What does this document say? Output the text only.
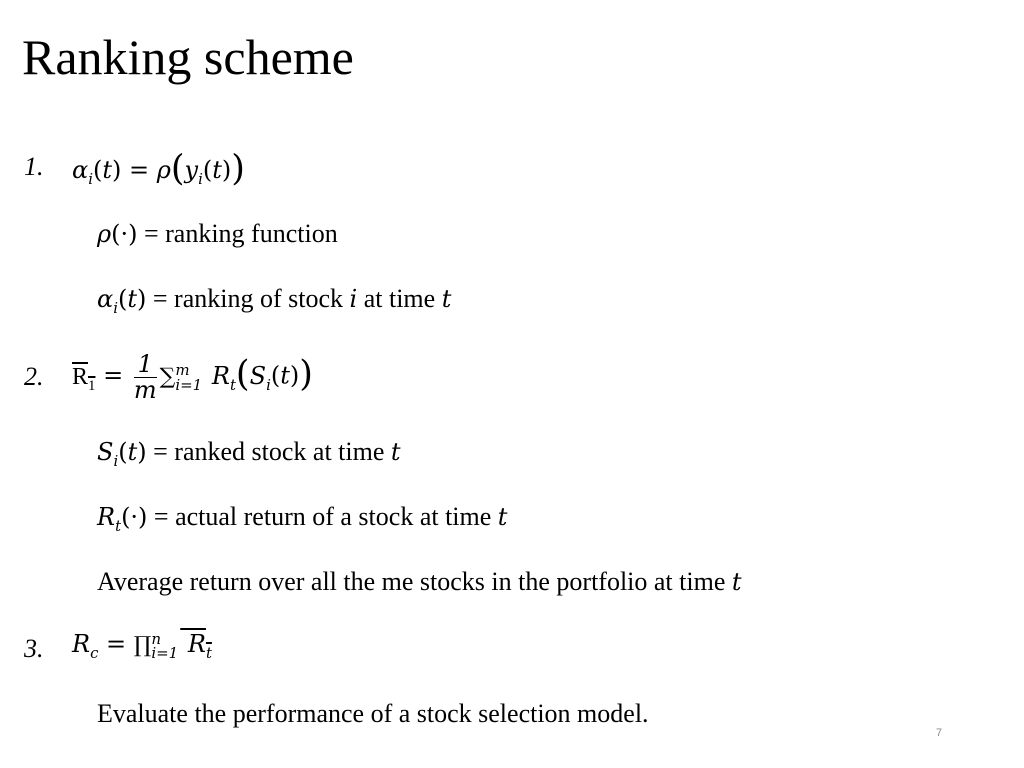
Ranking scheme
1. $\alpha_i(t) = \rho(y_i(t))$
ρ(·) = ranking function
$\alpha_i(t)$ = ranking of stock i at time t
2. $R_1 = \frac{1}{m}$ ∑ m
i=1 $R_t(S_i(t))$
$S_i(t)$ = ranked stock at time t
$R_t(\cdot)$ = actual return of a stock at time t
Average return over all the me stocks in the portfolio at time t
3. $R_c$ = ∏ n
i=1 $R_t$
Evaluate the performance of a stock selection model.
7
